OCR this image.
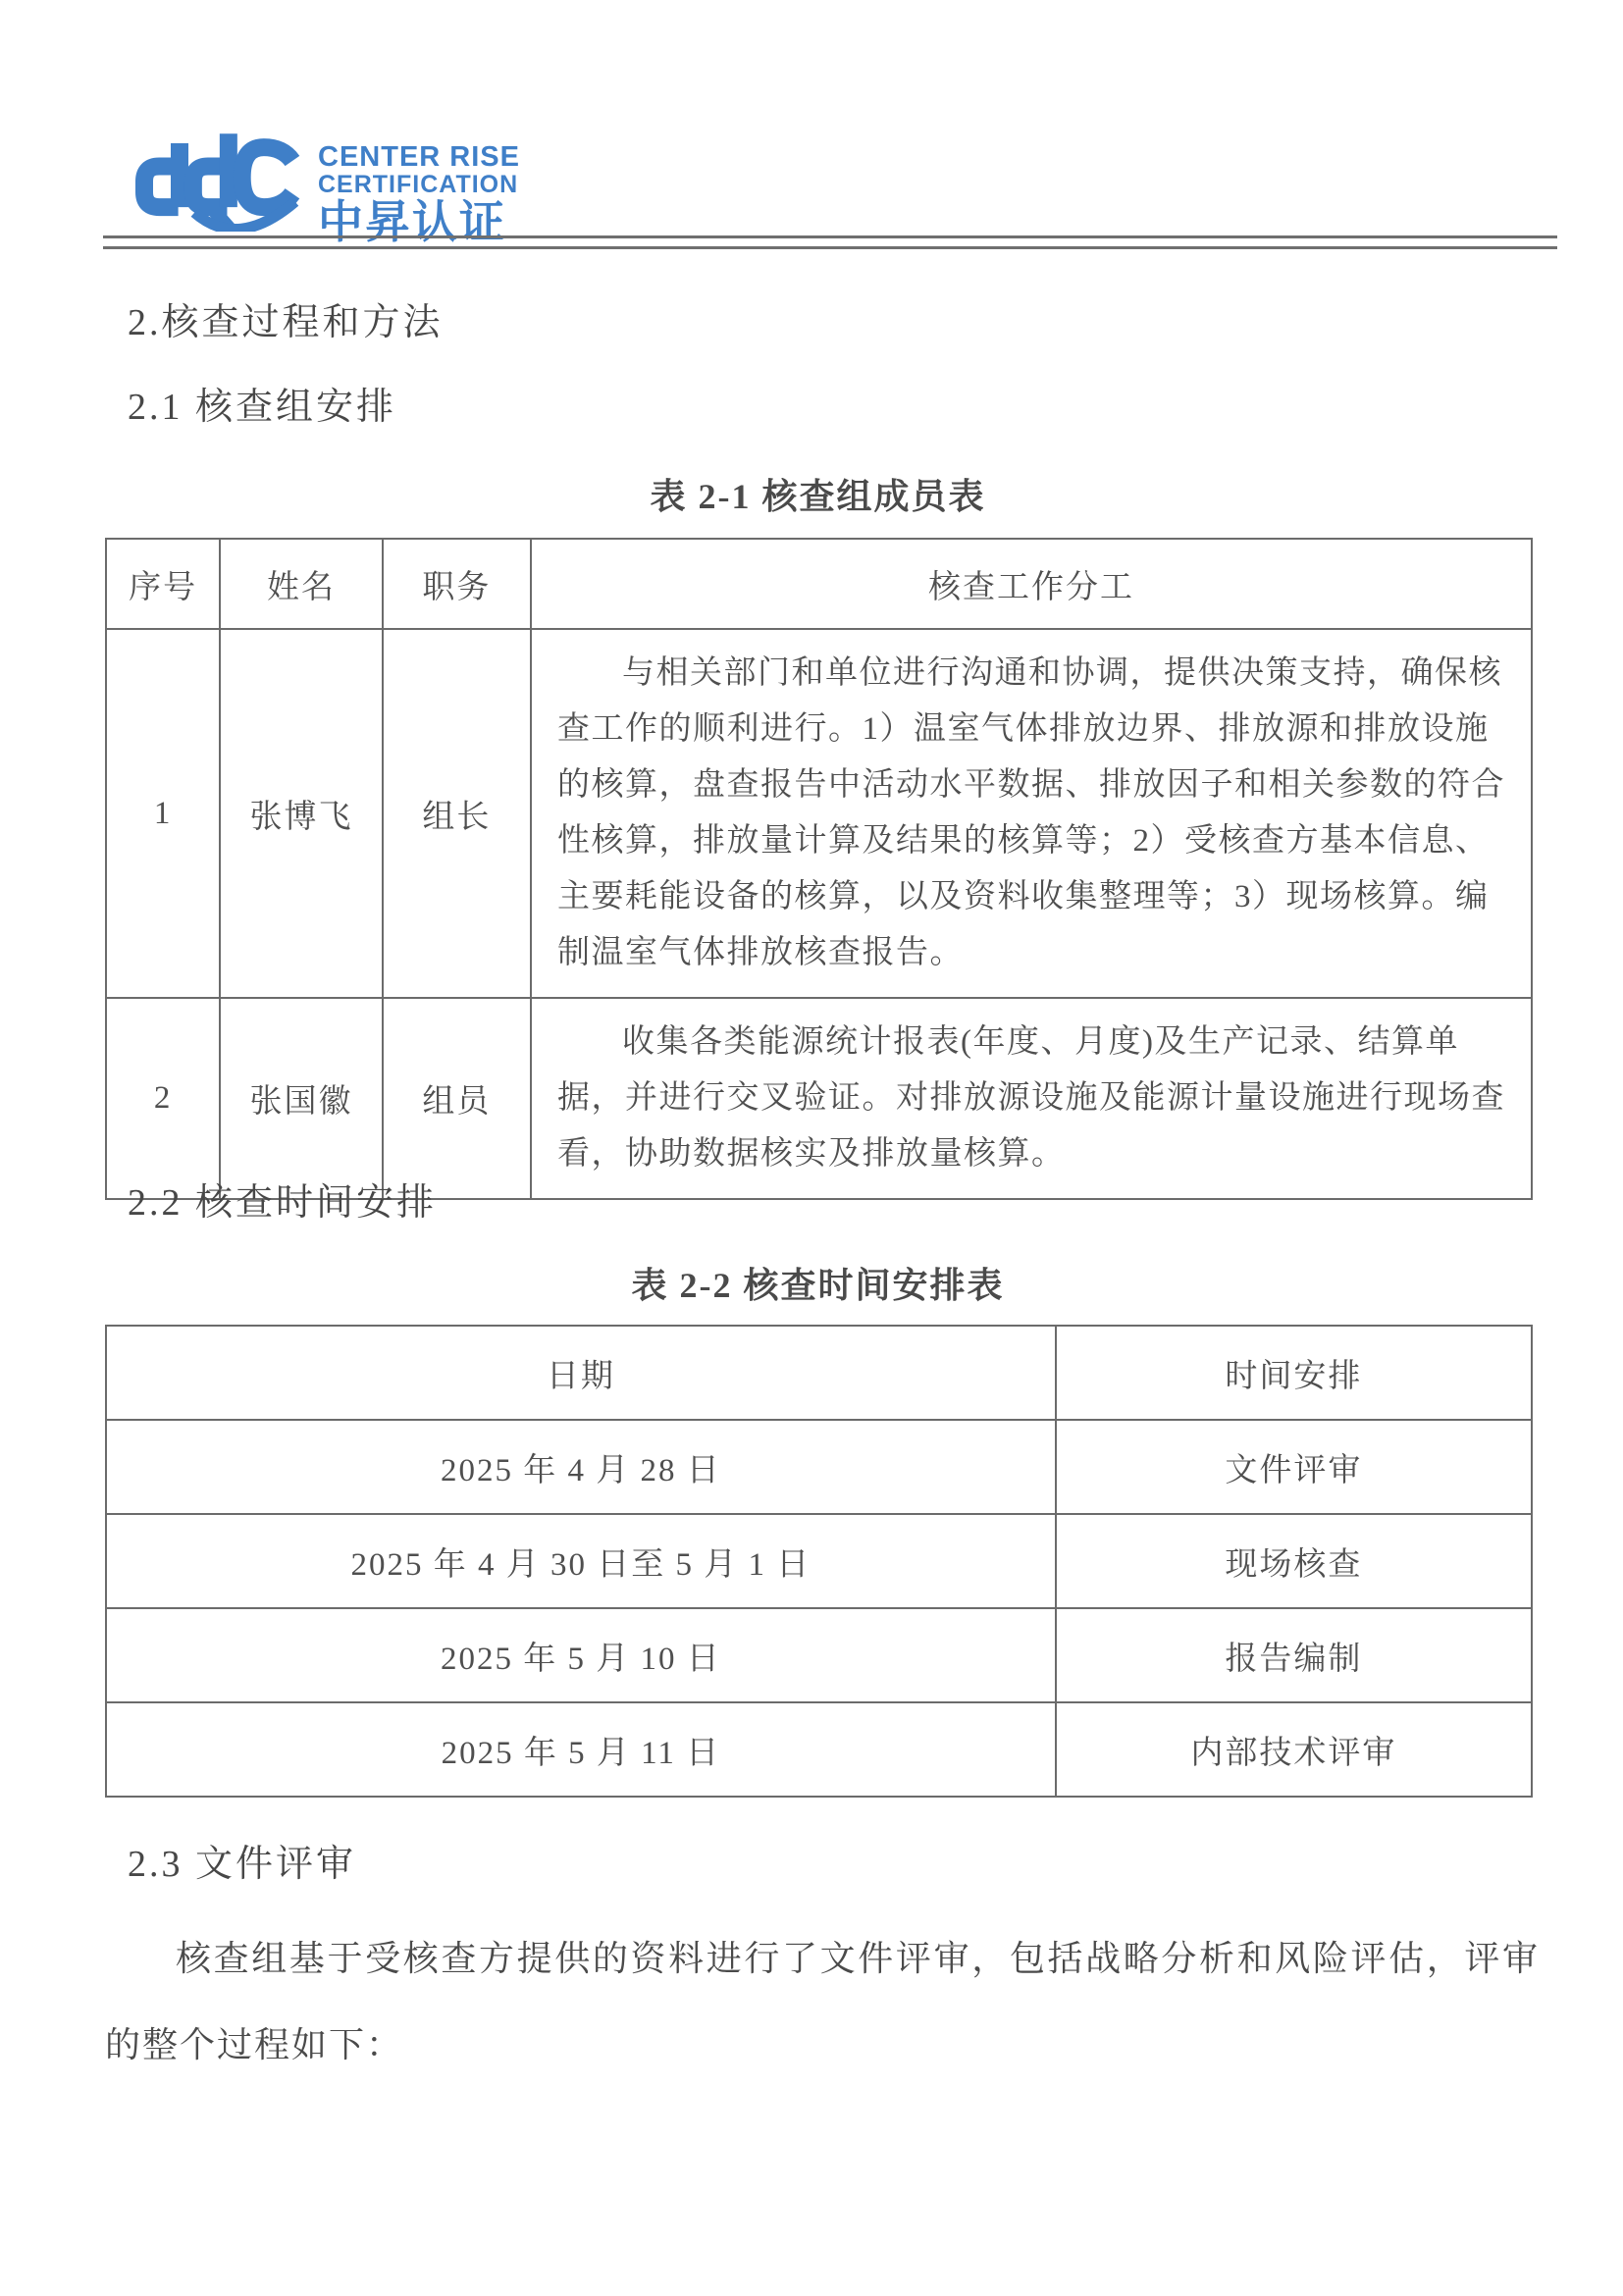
CENTER RISE
CERTIFICATION
中昇认证
2.核查过程和方法
2.1 核查组安排
表 2-1 核查组成员表
序号	姓名	职务	核查工作分工
1	张博飞	组长	与相关部门和单位进行沟通和协调，提供决策支持，确保核查工作的顺利进行。1）温室气体排放边界、排放源和排放设施的核算，盘查报告中活动水平数据、排放因子和相关参数的符合性核算，排放量计算及结果的核算等；2）受核查方基本信息、主要耗能设备的核算，以及资料收集整理等；3）现场核算。编制温室气体排放核查报告。
2	张国徽	组员	收集各类能源统计报表(年度、月度)及生产记录、结算单据，并进行交叉验证。对排放源设施及能源计量设施进行现场查看，协助数据核实及排放量核算。
2.2 核查时间安排
表 2-2 核查时间安排表
日期	时间安排
2025 年 4 月 28 日	文件评审
2025 年 4 月 30 日至 5 月 1 日	现场核查
2025 年 5 月 10 日	报告编制
2025 年 5 月 11 日	内部技术评审
2.3 文件评审
核查组基于受核查方提供的资料进行了文件评审，包括战略分析和风险评估，评审的整个过程如下：
